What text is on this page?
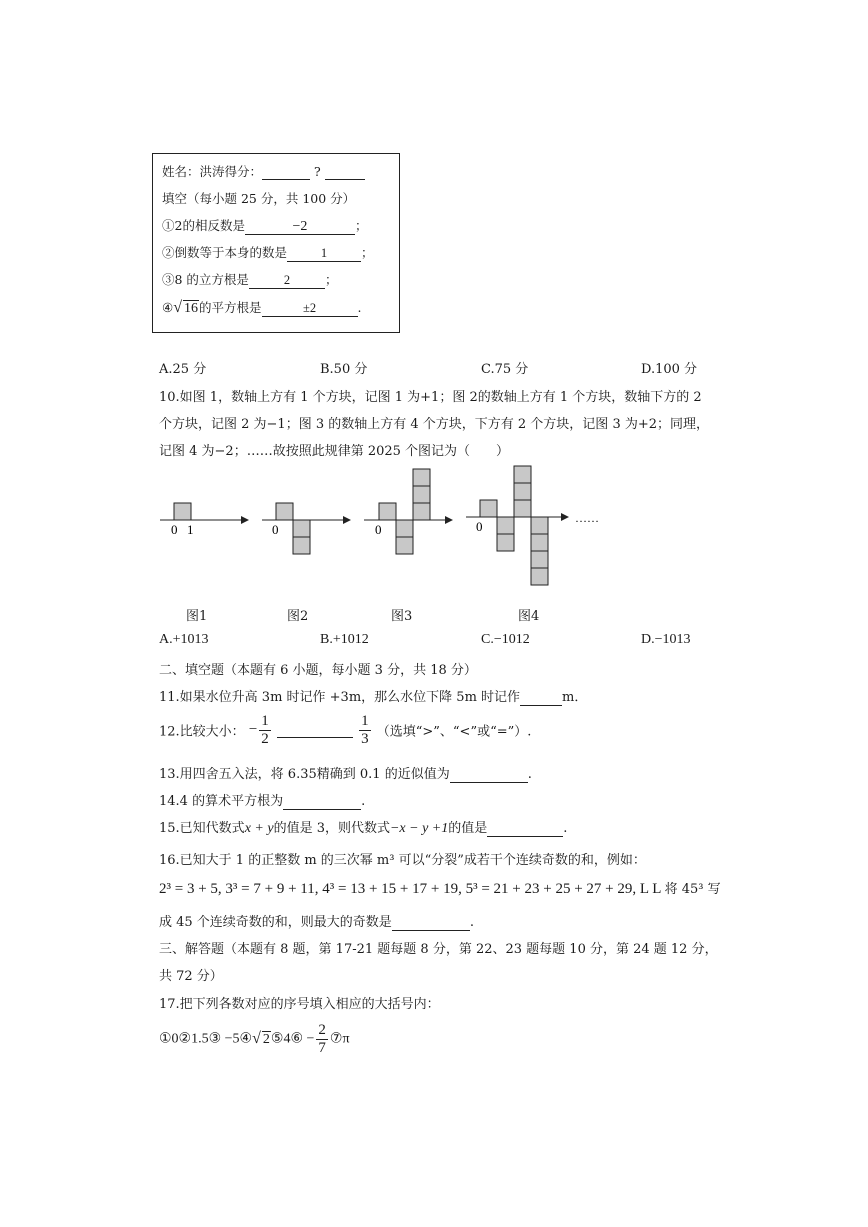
姓名：洪涛得分：	?
填空（每小题 25 分，共 100 分）
①2的相反数是	−2	；
②倒数等于本身的数是	1	；
③8 的立方根是	2	；
④√ 16的平方根是	±2	.
A.25 分	B.50 分	C.75 分	D.100 分
10.如图 1，数轴上方有 1 个方块，记图 1 为+1；图 2的数轴上方有 1 个方块，数轴下方的 2
个方块，记图 2 为−1；图 3 的数轴上方有 4 个方块，下方有 2 个方块，记图 3 为+2；同理，
记图 4 为−2；……故按照此规律第 2025 个图记为（　　）
0 1	0	0	0
……
图1	图2	图3	图4
A.+1013	B.+1012	C.−1012	D.−1013
二、填空题（本题有 6 小题，每小题 3 分，共 18 分）
11.如果水位升高 3m 时记作 +3m，那么水位下降 5m 时记作	m．
12.比较大小： − $\frac{1}{2}$
	$\frac{1}{3}$ （选填“>”、“<”或“=”）.
13.用四舍五入法，将 6.35精确到 0.1 的近似值为	.
14.4 的算术平方根为	.
15.已知代数式x + y的值是 3，则代数式−x − y +1的值是	.
16.已知大于 1 的正整数 m 的三次幂 m³ 可以“分裂”成若干个连续奇数的和，例如：
2³ = 3 + 5, 3³ = 7 + 9 + 11, 4³ = 13 + 15 + 17 + 19, 5³ = 21 + 23 + 25 + 27 + 29, L L 将 45³ 写
成 45 个连续奇数的和，则最大的奇数是	.
三、解答题（本题有 8 题，第 17-21 题每题 8 分，第 22、23 题每题 10 分，第 24 题 12 分，
共 72 分）
17.把下列各数对应的序号填入相应的大括号内：
①0②1.5③ −5④√ 2⑤4⑥ − $\frac{2}{7}$ ⑦π
